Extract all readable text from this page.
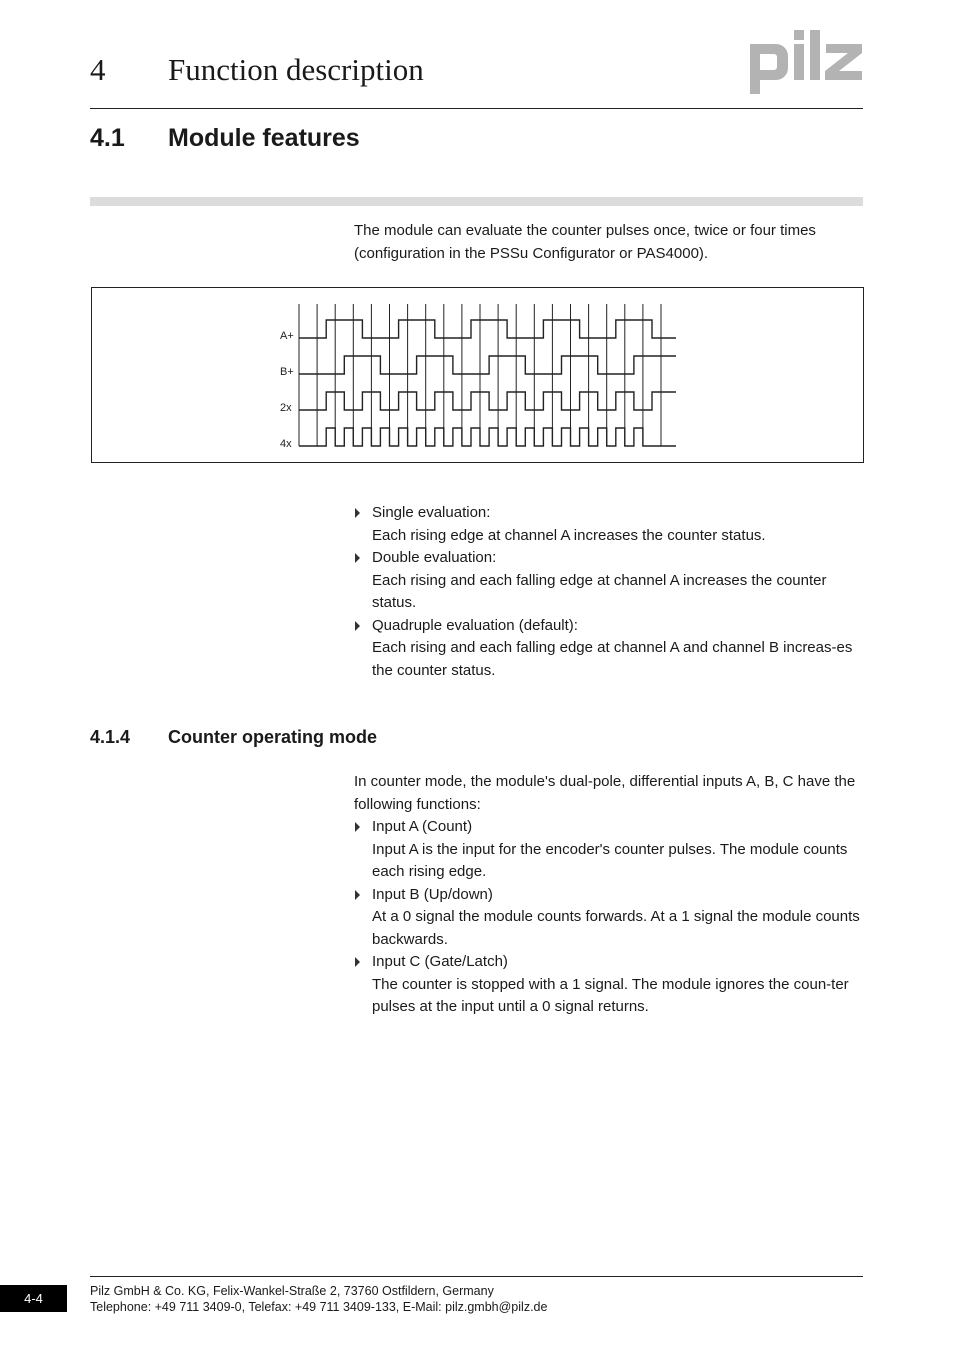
4 Function description
4.1 Module features
The module can evaluate the counter pulses once, twice or four times (configuration in the PSSu Configurator or PAS4000).
A+
B+
2x
4x
Single evaluation:
Each rising edge at channel A increases the counter status.
Double evaluation:
Each rising and each falling edge at channel A increases the counter status.
Quadruple evaluation (default):
Each rising and each falling edge at channel A and channel B increas-es the counter status.
4.1.4 Counter operating mode
In counter mode, the module's dual-pole, differential inputs A, B, C have the following functions:
Input A (Count)
Input A is the input for the encoder's counter pulses. The module counts each rising edge.
Input B (Up/down)
At a 0 signal the module counts forwards. At a 1 signal the module counts backwards.
Input C (Gate/Latch)
The counter is stopped with a 1 signal. The module ignores the coun-ter pulses at the input until a 0 signal returns.
4-4	Pilz GmbH & Co. KG, Felix-Wankel-Straße 2, 73760 Ostfildern, Germany
Telephone: +49 711 3409-0, Telefax: +49 711 3409-133, E-Mail: pilz.gmbh@pilz.de
